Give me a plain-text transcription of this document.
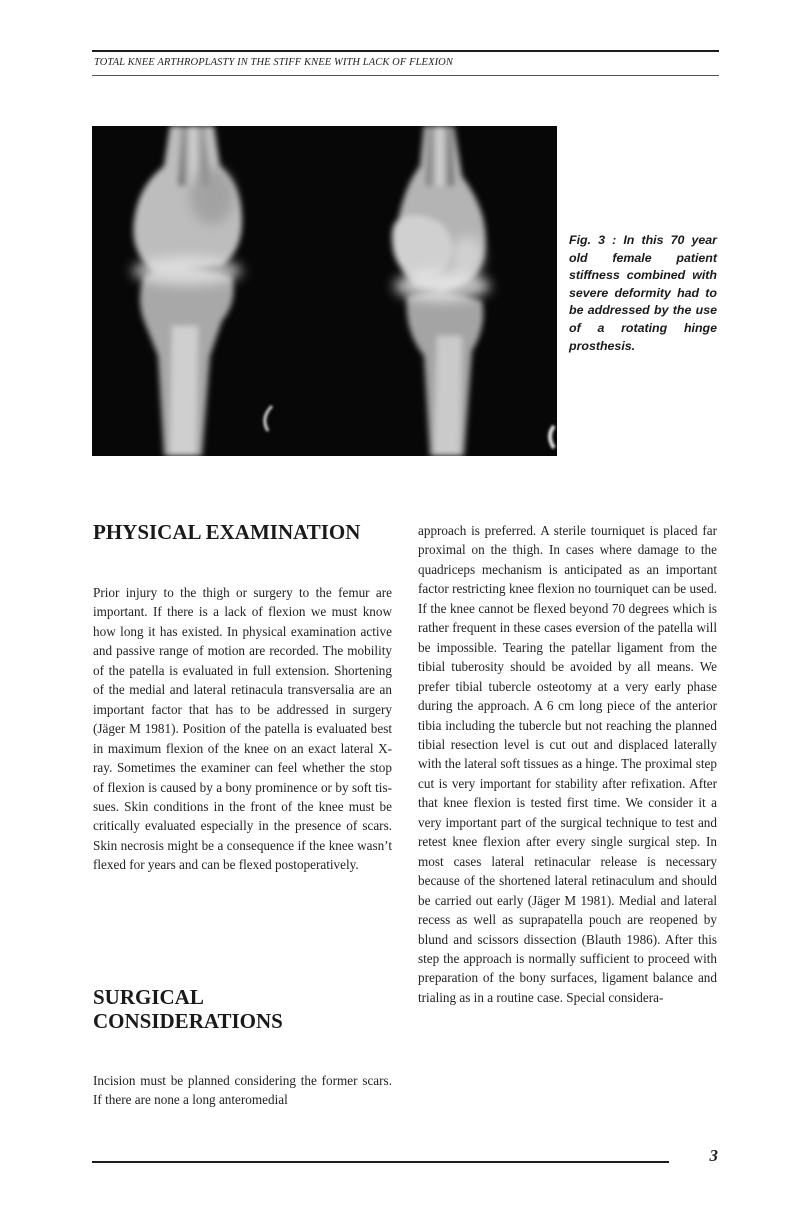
TOTAL KNEE ARTHROPLASTY IN THE STIFF KNEE WITH LACK OF FLEXION
Fig. 3 : In this 70 year old female patient stiffness combined with severe deformity had to be addressed by the use of a rotating hinge prosthesis.
PHYSICAL EXAMINATION

Prior injury to the thigh or surgery to the femur are important. If there is a lack of flexion we must know how long it has existed. In physical examination active and passive range of motion are recorded. The mobility of the patella is evaluated in full extension. Shortening of the medial and lateral retinacula transversalia are an important factor that has to be addressed in surgery (Jäger M 1981). Position of the patella is evaluated best in maximum flexion of the knee on an exact lateral X-ray. Sometimes the examiner can feel whether the stop of flexion is caused by a bony prominence or by soft tissues. Skin conditions in the front of the knee must be critically evaluated especially in the presence of scars. Skin necrosis might be a consequence if the knee wasn’t flexed for years and can be flexed postoperatively.

SURGICAL CONSIDERATIONS

Incision must be planned considering the former scars. If there are none a long anteromedial

approach is preferred. A sterile tourniquet is placed far proximal on the thigh. In cases where damage to the quadriceps mechanism is anticipated as an important factor restricting knee flexion no tourniquet can be used. If the knee cannot be flexed beyond 70 degrees which is rather frequent in these cases eversion of the patella will be impossible. Tearing the patellar ligament from the tibial tuberosity should be avoided by all means. We prefer tibial tubercle osteotomy at a very early phase during the approach. A 6 cm long piece of the anterior tibia including the tubercle but not reaching the planned tibial resection level is cut out and displaced laterally with the lateral soft tissues as a hinge. The proximal step cut is very important for stability after refixation. After that knee flexion is tested first time. We consider it a very important part of the surgical technique to test and retest knee flexion after every single surgical step. In most cases lateral retinacular release is necessary because of the shortened lateral retinaculum and should be carried out early (Jäger M 1981). Medial and lateral recess as well as suprapatella pouch are reopened by blund and scissors dissection (Blauth 1986). After this step the approach is normally sufficient to proceed with preparation of the bony surfaces, ligament balance and trialing as in a routine case. Special considera-

3
